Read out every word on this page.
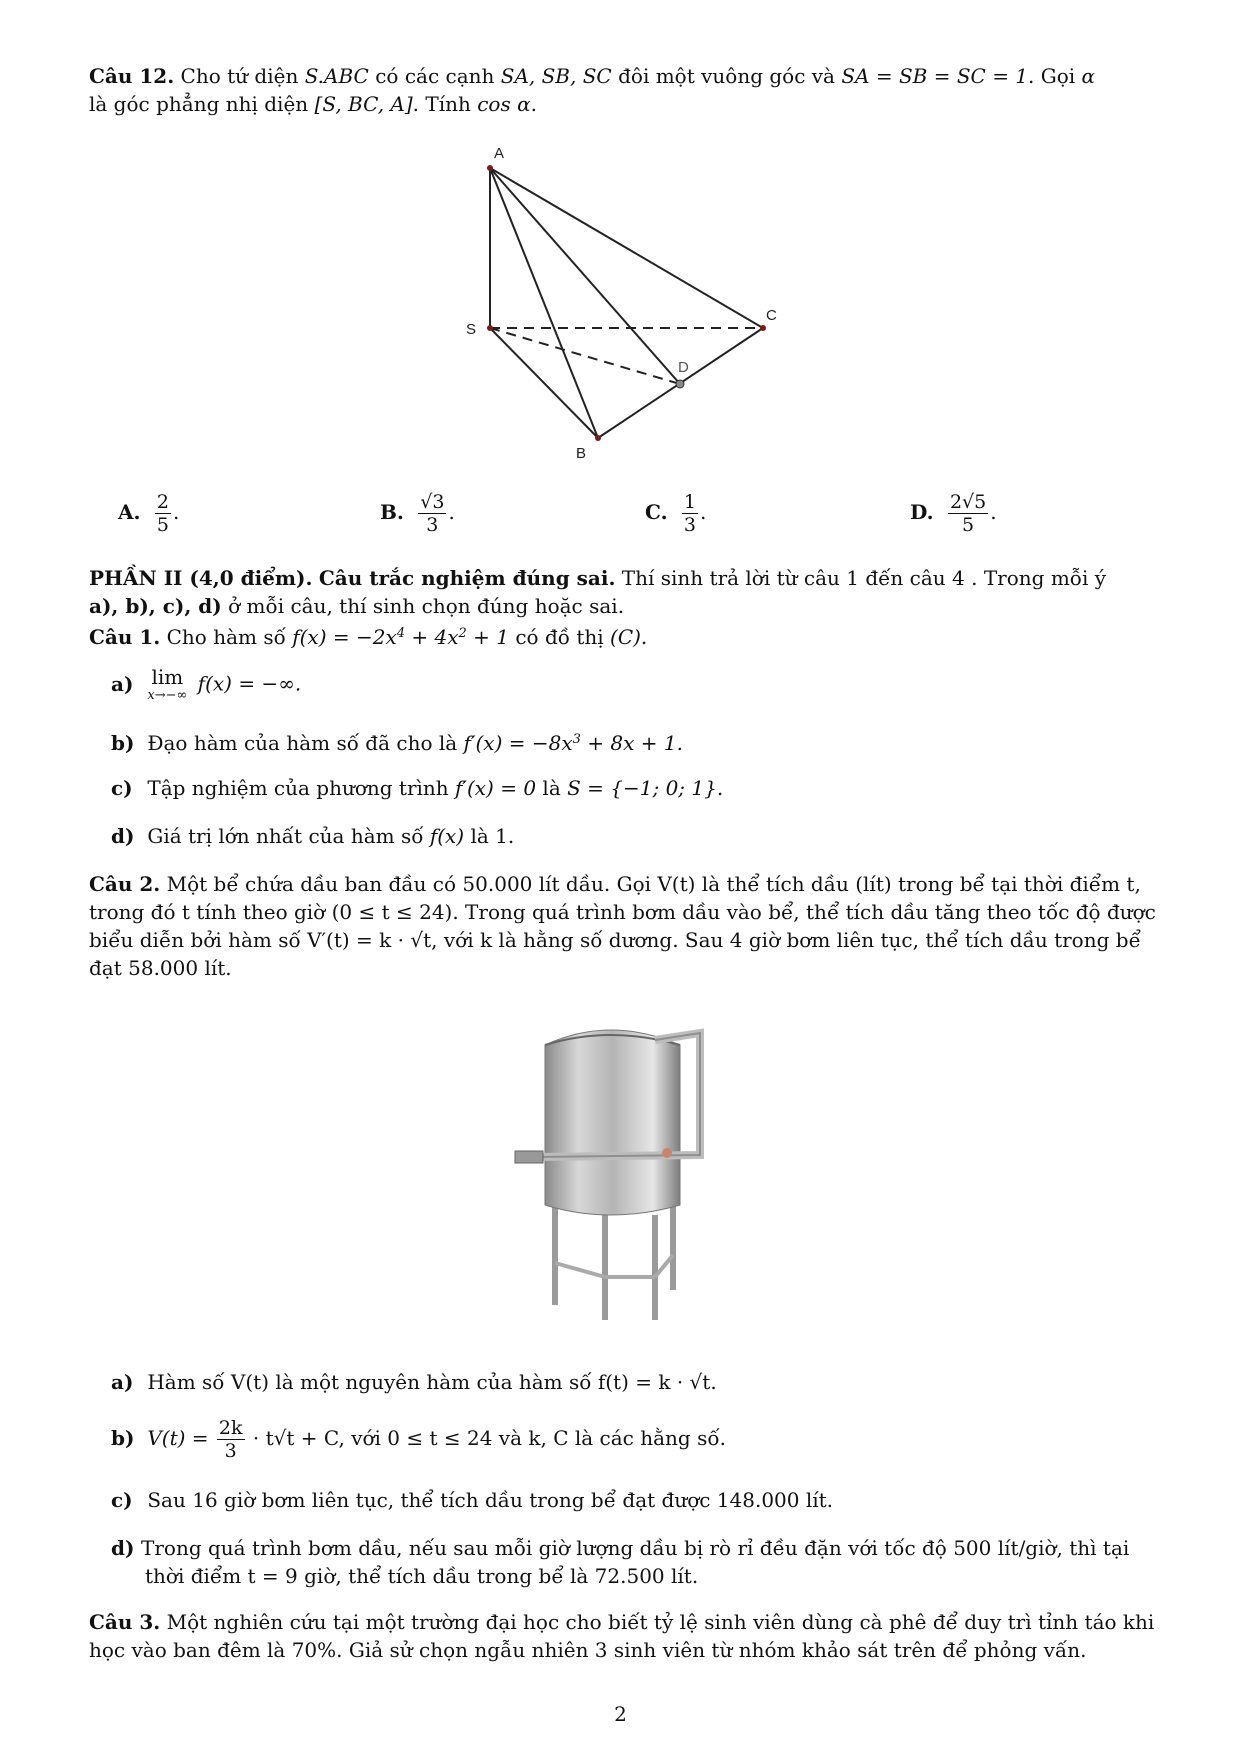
Câu 12. Cho tứ diện S.ABC có các cạnh SA, SB, SC đôi một vuông góc và SA = SB = SC = 1. Gọi α
là góc phẳng nhị diện [S, BC, A]. Tính cos α.
A
S
C
D
B
A. $\frac{2}{5}$ .	B. $\frac{√3}{3}$ .	C. $\frac{1}{3}$ .	D. $\frac{2√5}{5}$ .
PHẦN II (4,0 điểm). Câu trắc nghiệm đúng sai. Thí sinh trả lời từ câu 1 đến câu 4 . Trong mỗi ý
a), b), c), d) ở mỗi câu, thí sinh chọn đúng hoặc sai.
Câu 1. Cho hàm số $f(x) = -2x^4 + 4x^2 + 1$ có đồ thị (C).
a) lim
x→−∞ f(x) = −∞.
b) Đạo hàm của hàm số đã cho là $f'(x) = -8x^3 + 8x + 1$.
c) Tập nghiệm của phương trình f′(x) = 0 là S = {−1; 0; 1}.
d) Giá trị lớn nhất của hàm số f(x) là 1.
Câu 2. Một bể chứa dầu ban đầu có 50.000 lít dầu. Gọi V(t) là thể tích dầu (lít) trong bể tại thời điểm t,
trong đó t tính theo giờ (0 ≤ t ≤ 24). Trong quá trình bơm dầu vào bể, thể tích dầu tăng theo tốc độ được
biểu diễn bởi hàm số V′(t) = k · √t, với k là hằng số dương. Sau 4 giờ bơm liên tục, thể tích dầu trong bể
đạt 58.000 lít.
a) Hàm số V(t) là một nguyên hàm của hàm số f(t) = k · √t.
b) $V(t) = \frac{2k}{3} \cdot t√t + C$, với 0 ≤ t ≤ 24 và k, C là các hằng số.
c) Sau 16 giờ bơm liên tục, thể tích dầu trong bể đạt được 148.000 lít.
d) Trong quá trình bơm dầu, nếu sau mỗi giờ lượng dầu bị rò rỉ đều đặn với tốc độ 500 lít/giờ, thì tại
thời điểm t = 9 giờ, thể tích dầu trong bể là 72.500 lít.
Câu 3. Một nghiên cứu tại một trường đại học cho biết tỷ lệ sinh viên dùng cà phê để duy trì tỉnh táo khi
học vào ban đêm là 70%. Giả sử chọn ngẫu nhiên 3 sinh viên từ nhóm khảo sát trên để phỏng vấn.
2
